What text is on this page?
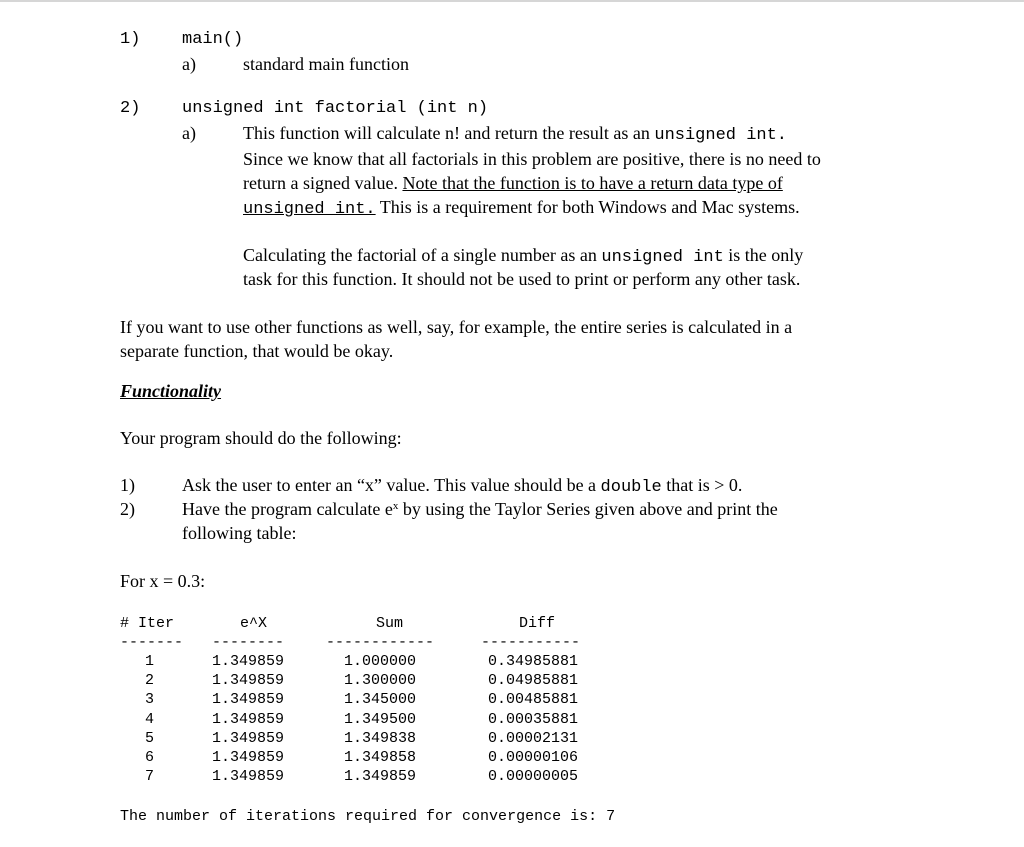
1) main()
a)	standard main function
2) unsigned int factorial (int n)
a)	This function will calculate n! and return the result as an unsigned int.
Since we know that all factorials in this problem are positive, there is no need to
return a signed value. Note that the function is to have a return data type of
unsigned int. This is a requirement for both Windows and Mac systems.
Calculating the factorial of a single number as an unsigned int is the only
task for this function. It should not be used to print or perform any other task.
If you want to use other functions as well, say, for example, the entire series is calculated in a
separate function, that would be okay.
Functionality
Your program should do the following:
1)	Ask the user to enter an “x” value. This value should be a double that is > 0.
2)	Have the program calculate $e^x$ by using the Taylor Series given above and print the
following table:
For x = 0.3:
# Iter	e^X	Sum	Diff
------- --------	------------	-----------
1	1.349859	1.000000	0.34985881
2	1.349859	1.300000	0.04985881
3	1.349859	1.345000	0.00485881
4	1.349859	1.349500	0.00035881
5	1.349859	1.349838	0.00002131
6	1.349859	1.349858	0.00000106
7	1.349859	1.349859	0.00000005
The number of iterations required for convergence is: 7
